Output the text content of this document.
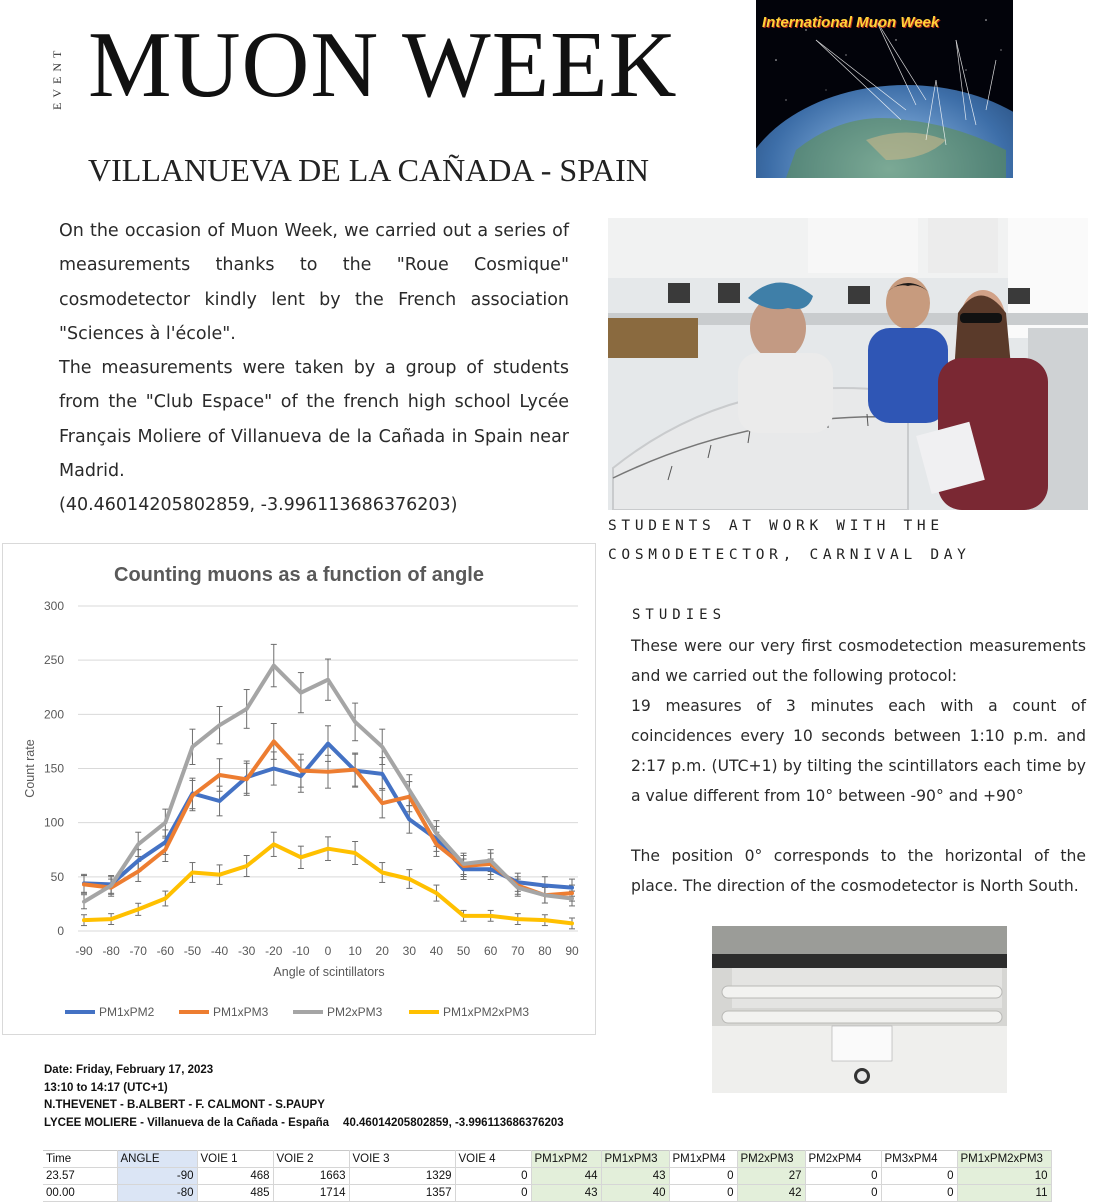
EVENT MUON WEEK
VILLANUEVA DE LA CAÑADA - SPAIN
International Muon Week

On the occasion of Muon Week, we carried out a series of measurements thanks to the "Roue Cosmique" cosmodetector kindly lent by the French association "Sciences à l'école".

The measurements were taken by a group of students from the "Club Espace" of the french high school Lycée Français Moliere of Villanueva de la Cañada in Spain near Madrid.

(40.46014205802859, -3.996113686376203)

STUDENTS AT WORK WITH THE
COSMODETECTOR, CARNIVAL DAY
Counting muons as a function of angle
0
50
100
150
200
250
300
-90 -80 -70 -60 -50 -40 -30 -20 -10 0 10 20 30 40 50 60 70 80 90
Angle of scintillators
Count rate
PM1xPM2	PM1xPM3	PM2xPM3	PM1xPM2xPM3
STUDIES

These were our very first cosmodetection measurements and we carried out the following protocol:

19 measures of 3 minutes each with a count of coincidences every 10 seconds between 1:10 p.m. and 2:17 p.m. (UTC+1) by tilting the scintillators each time by a value different from 10° between -90° and +90°

The position 0° corresponds to the horizontal of the place. The direction of the cosmodetector is North South.

Date: Friday, February 17, 2023
13:10 to 14:17 (UTC+1)
N.THEVENET - B.ALBERT - F. CALMONT - S.PAUPY
LYCEE MOLIERE - Villanueva de la Cañada - España 40.46014205802859, -3.996113686376203
Time	ANGLE	VOIE 1	VOIE 2	VOIE 3	VOIE 4	PM1xPM2	PM1xPM3	PM1xPM4	PM2xPM3	PM2xPM4	PM3xPM4	PM1xPM2xPM3
23.57	-90	468	1663	1329	0	44	43	0	27	0	0	10
00.00	-80	485	1714	1357	0	43	40	0	42	0	0	11
